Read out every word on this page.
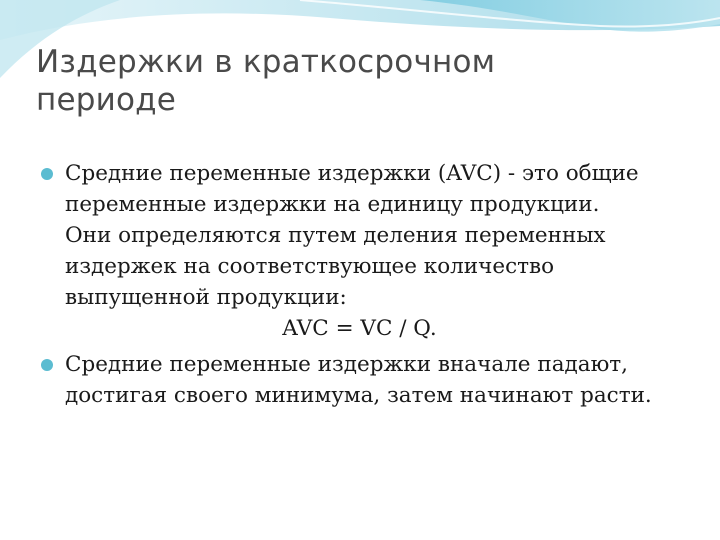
Издержки в краткосрочном
периоде
Средние переменные издержки (AVC) - это общие
переменные издержки на единицу продукции.
Они определяются путем деления переменных
издержек на соответствующее количество
выпущенной продукции:
AVC = VC / Q.
Средние переменные издержки вначале падают,
достигая своего минимума, затем начинают расти.
